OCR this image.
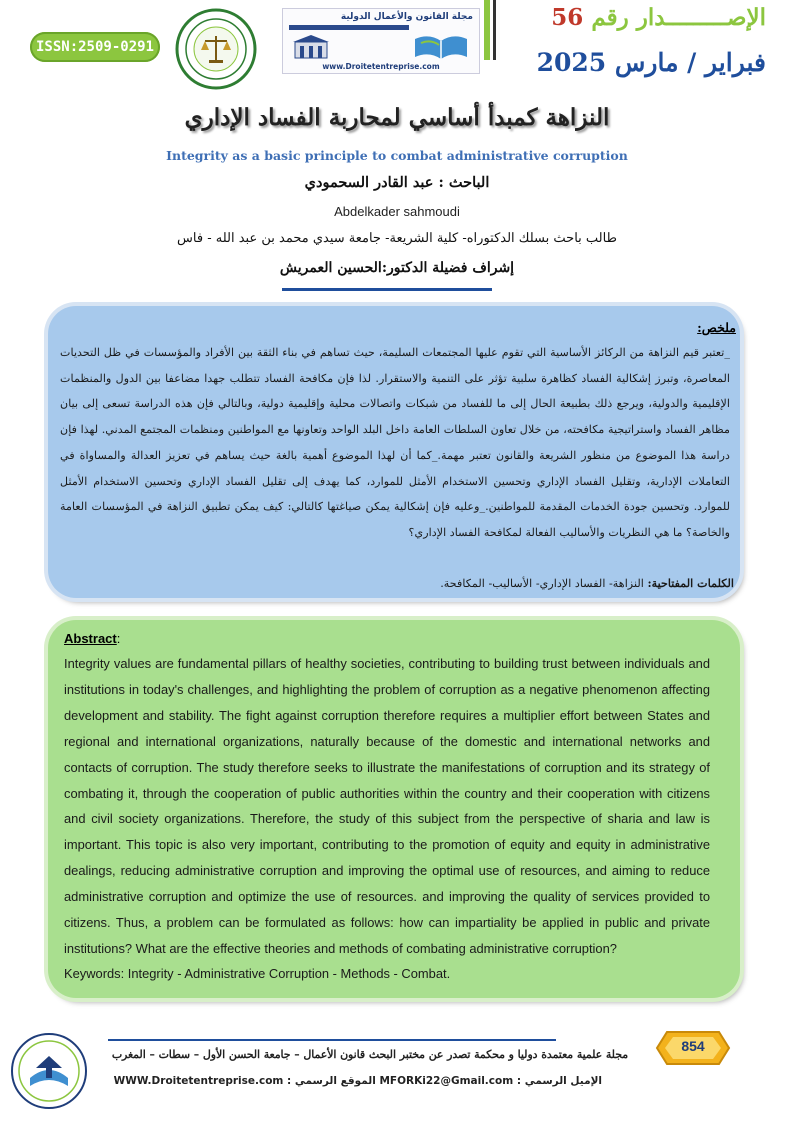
ISSN:2509-0291
مجلة القانون والأعمال الدولية
www.Droitetentreprise.com
الإصـــــــــدار رقم 56
فبراير / مارس 2025
النزاهة كمبدأ أساسي لمحاربة الفساد الإداري
Integrity as a basic principle to combat administrative corruption
الباحث : عبد القادر السحمودي
Abdelkader sahmoudi
طالب باحث بسلك الدكتوراه- كلية الشريعة- جامعة سيدي محمد بن عبد الله - فاس
إشراف فضيلة الدكتور:الحسين العمريش
ملخص:
_تعتبر قيم النزاهة من الركائز الأساسية التي تقوم عليها المجتمعات السليمة، حيث تساهم في بناء الثقة بين الأفراد والمؤسسات في ظل التحديات المعاصرة، وتبرز إشكالية الفساد كظاهرة سلبية تؤثر على التنمية والاستقرار. لذا فإن مكافحة الفساد تتطلب جهدا مضاعفا بين الدول والمنظمات الإقليمية والدولية، ويرجع ذلك بطبيعة الحال إلى ما للفساد من شبكات واتصالات محلية وإقليمية دولية، وبالتالي فإن هذه الدراسة تسعى إلى بيان مظاهر الفساد واستراتيجية مكافحته، من خلال تعاون السلطات العامة داخل البلد الواحد وتعاونها مع المواطنين ومنظمات المجتمع المدني. لهذا فإن دراسة هذا الموضوع من منظور الشريعة والقانون تعتبر مهمة._كما أن لهذا الموضوع أهمية بالغة حيث يساهم في تعزيز العدالة والمساواة في التعاملات الإدارية، وتقليل الفساد الإداري وتحسين الاستخدام الأمثل للموارد، كما يهدف إلى تقليل الفساد الإداري وتحسين الاستخدام الأمثل للموارد. وتحسين جودة الخدمات المقدمة للمواطنين._وعليه فإن إشكالية يمكن صياغتها كالتالي: كيف يمكن تطبيق النزاهة في المؤسسات العامة والخاصة؟ ما هي النظريات والأساليب الفعالة لمكافحة الفساد الإداري؟
الكلمات المفتاحية: النزاهة- الفساد الإداري- الأساليب- المكافحة.
Abstract:
Integrity values are fundamental pillars of healthy societies, contributing to building trust between individuals and institutions in today's challenges, and highlighting the problem of corruption as a negative phenomenon affecting development and stability. The fight against corruption therefore requires a multiplier effort between States and regional and international organizations, naturally because of the domestic and international networks and contacts of corruption. The study therefore seeks to illustrate the manifestations of corruption and its strategy of combating it, through the cooperation of public authorities within the country and their cooperation with citizens and civil society organizations. Therefore, the study of this subject from the perspective of sharia and law is important. This topic is also very important, contributing to the promotion of equity and equity in administrative dealings, reducing administrative corruption and improving the optimal use of resources, and aiming to reduce administrative corruption and optimize the use of resources. and improving the quality of services provided to citizens. Thus, a problem can be formulated as follows: how can impartiality be applied in public and private institutions? What are the effective theories and methods of combating administrative corruption?
Keywords: Integrity - Administrative Corruption - Methods - Combat.
مجلة علمية معتمدة دوليا و محكمة تصدر عن مختبر البحث قانون الأعمال – جامعة الحسن الأول – سطات – المغرب
الإميل الرسمي : MFORKi22@Gmail.com الموقع الرسمي : WWW.Droitetentreprise.com
854
